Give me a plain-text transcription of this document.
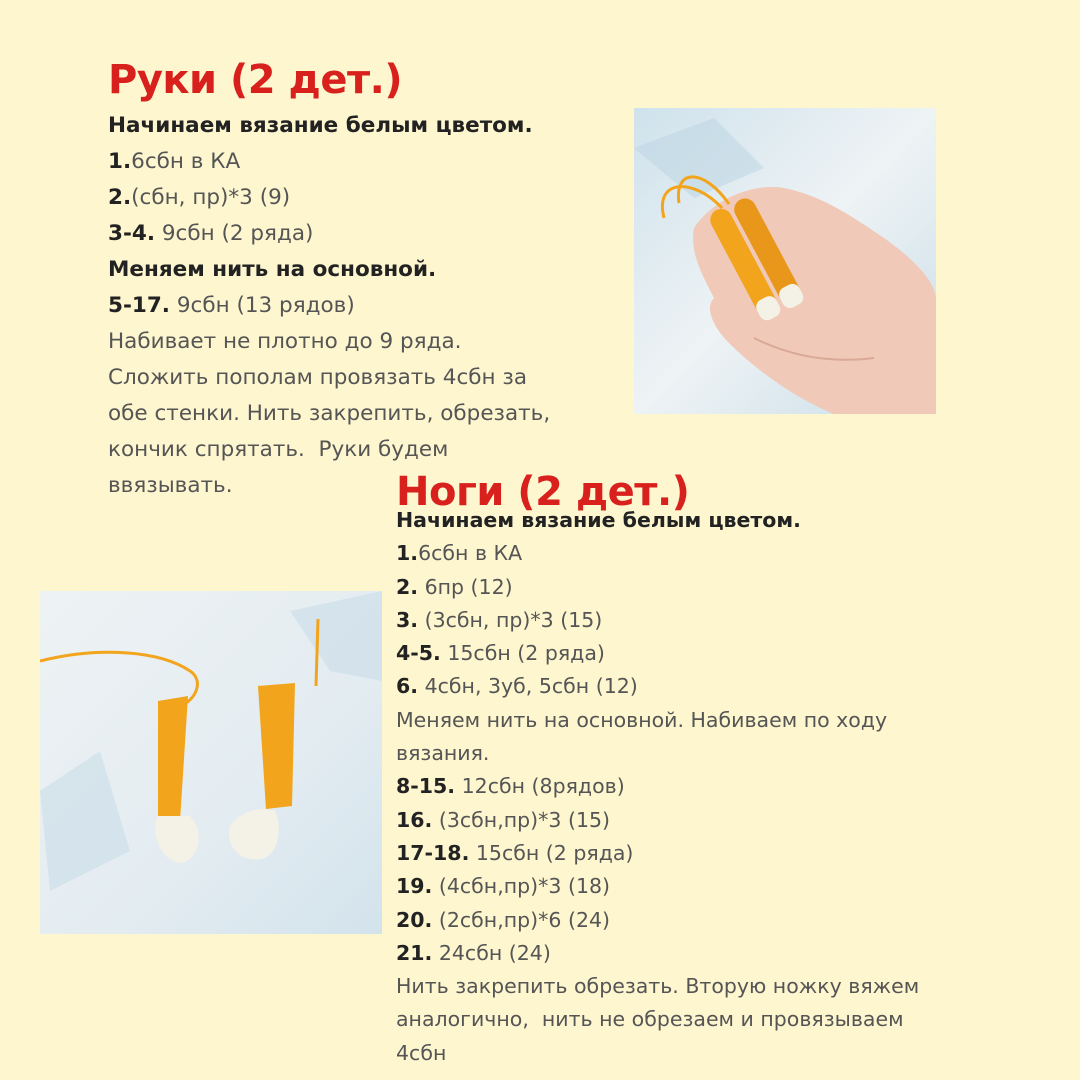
Руки (2 дет.)

Начинаем вязание белым цветом.

1.6сбн в КА

2.(сбн, пр)*3 (9)

3-4. 9сбн (2 ряда)

Меняем нить на основной.

5-17. 9сбн (13 рядов)

Набивает не плотно до 9 ряда.

Сложить пополам провязать 4сбн за

обе стенки. Нить закрепить, обрезать,

кончик спрятать.  Руки будем

ввязывать.	Ноги (2 дет.)

Начинаем вязание белым цветом.

1.6сбн в КА

2. 6пр (12)

3. (3сбн, пр)*3 (15)

4-5. 15сбн (2 ряда)

6. 4сбн, 3уб, 5сбн (12)

Меняем нить на основной. Набиваем по ходу

вязания.

8-15. 12сбн (8рядов)

16. (3сбн,пр)*3 (15)

17-18. 15сбн (2 ряда)

19. (4сбн,пр)*3 (18)

20. (2сбн,пр)*6 (24)

21. 24сбн (24)

Нить закрепить обрезать. Вторую ножку вяжем

аналогично,  нить не обрезаем и провязываем

4сбн
